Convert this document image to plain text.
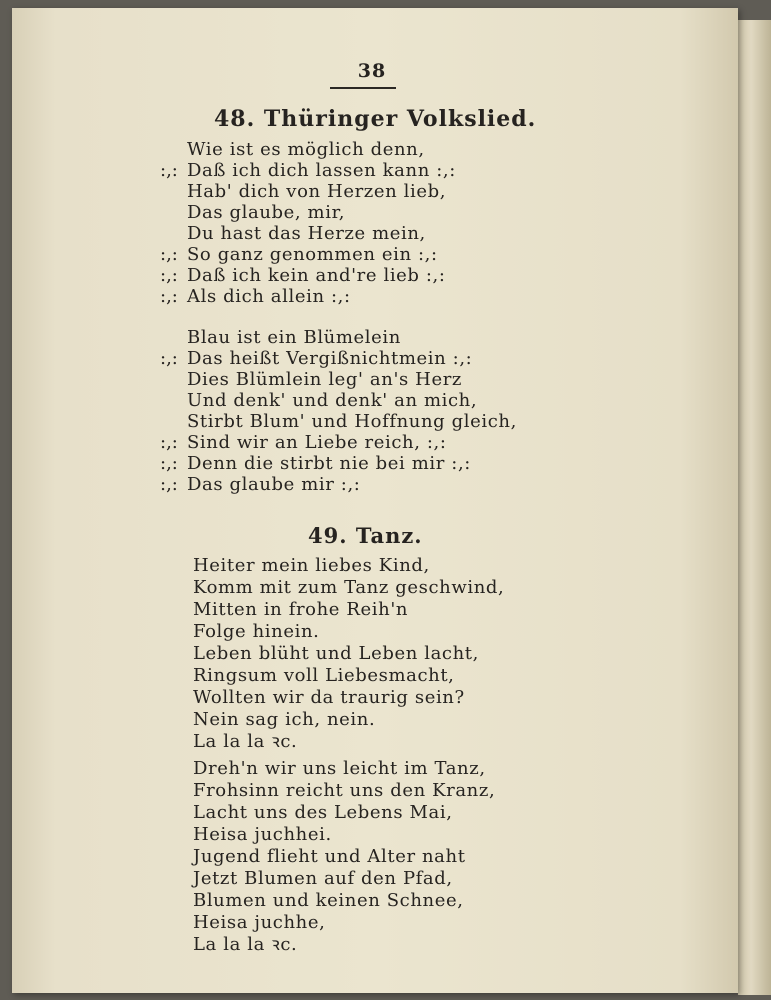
38
48. Thüringer Volkslied.
Wie ist es möglich denn,
:,: Daß ich dich lassen kann :,:
Hab' dich von Herzen lieb,
Das glaube, mir,
Du hast das Herze mein,
:,: So ganz genommen ein :,:
:,: Daß ich kein and're lieb :,:
:,: Als dich allein :,:
Blau ist ein Blümelein
:,: Das heißt Vergißnichtmein :,:
Dies Blümlein leg' an's Herz
Und denk' und denk' an mich,
Stirbt Blum' und Hoffnung gleich,
:,: Sind wir an Liebe reich, :,:
:,: Denn die stirbt nie bei mir :,:
:,: Das glaube mir :,:
49. Tanz.
Heiter mein liebes Kind,
Komm mit zum Tanz geschwind,
Mitten in frohe Reih'n
Folge hinein.
Leben blüht und Leben lacht,
Ringsum voll Liebesmacht,
Wollten wir da traurig sein?
Nein sag ich, nein.
La la la ꝛc.
Dreh'n wir uns leicht im Tanz,
Frohsinn reicht uns den Kranz,
Lacht uns des Lebens Mai,
Heisa juchhei.
Jugend flieht und Alter naht
Jetzt Blumen auf den Pfad,
Blumen und keinen Schnee,
Heisa juchhe,
La la la ꝛc.
